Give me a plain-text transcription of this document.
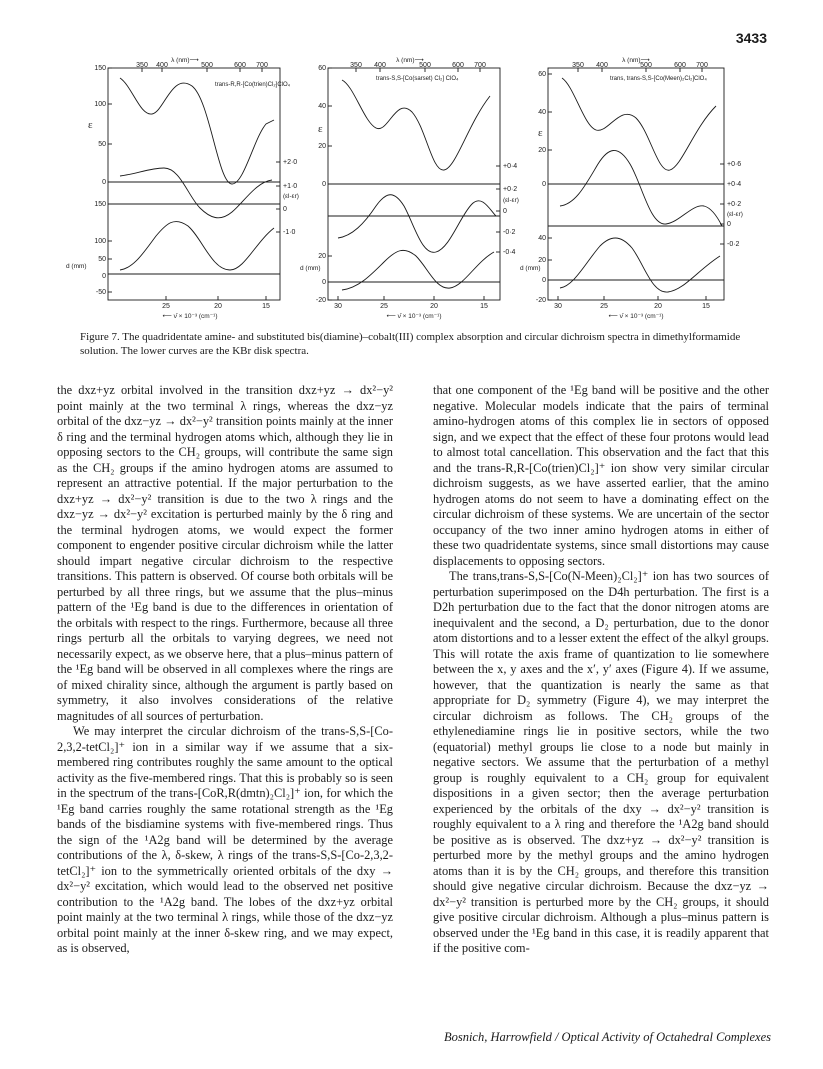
3433
λ (nm)⟶
350 400	500	600 700
trans-R,R-[Co(trien)Cl₂]ClO₄
150
100
50
0
150
100
50
0
-50
ε
d (mm)
+2·0
+1·0
0
-1·0
(εl-εr)
25	20	15
⟵ ν̄ × 10⁻³ (cm⁻¹)
λ (nm)⟶
350 400	500	600 700
trans-S,S-[Co(sarset) Cl₂] ClO₄
60
40
20
0
20
0
-20
ε
d (mm)
+0·4
+0·2
0
-0·2
-0·4
(εl-εr)
30	25	20	15
⟵ ν̄ × 10⁻³ (cm⁻¹)
λ (nm)⟶
350 400	500	600 700
trans, trans-S,S-[Co(Meen)₂Cl₂]ClO₄
60
40
20
0
40
20
0
-20
ε
d (mm)
+0·6
+0·4
+0·2
0
-0·2
(εl-εr)
30	25	20	15
⟵ ν̄ × 10⁻³ (cm⁻¹)
Figure 7. The quadridentate amine- and substituted bis(diamine)–cobalt(III) complex absorption and circular dichroism spectra in dimethylformamide solution. The lower curves are the KBr disk spectra.

the dxz+yz orbital involved in the transition dxz+yz → dx²−y² point mainly at the two terminal λ rings, whereas the dxz−yz orbital of the dxz−yz → dx²−y² transition points mainly at the inner δ ring and the terminal hydrogen atoms which, although they lie in opposing sectors to the CH₂ groups, will contribute the same sign as the CH₂ groups if the amino hydrogen atoms are assumed to represent an attractive potential. If the major perturbation to the dxz+yz → dx²−y² transition is due to the two λ rings and the dxz−yz → dx²−y² excitation is perturbed mainly by the δ ring and the terminal hydrogen atoms, we would expect the former component to engender positive circular dichroism while the latter should impart negative circular dichroism to the respective transitions. This pattern is observed. Of course both orbitals will be perturbed by all three rings, but we assume that the plus–minus pattern of the ¹Eg band is due to the differences in orientation of the orbitals with respect to the rings. Furthermore, because all three rings perturb all the orbitals to varying degrees, we need not necessarily expect, as we observe here, that a plus–minus pattern of the ¹Eg band will be observed in all complexes where the rings are of mixed chirality since, although the argument is partly based on symmetry, it also involves considerations of the relative magnitudes of all sources of perturbation.

We may interpret the circular dichroism of the trans-S,S-[Co-2,3,2-tetCl₂]⁺ ion in a similar way if we assume that a six-membered ring contributes roughly the same amount to the optical activity as the five-membered rings. That this is probably so is seen in the spectrum of the trans-[CoR,R(dmtn)₂Cl₂]⁺ ion, for which the ¹Eg band carries roughly the same rotational strength as the ¹Eg bands of the bisdiamine systems with five-membered rings. Thus the sign of the ¹A2g band will be determined by the average contributions of the λ, δ-skew, λ rings of the trans-S,S-[Co-2,3,2-tetCl₂]⁺ ion to the symmetrically oriented orbitals of the dxy → dx²−y² excitation, which would lead to the observed net positive contribution to the ¹A2g band. The lobes of the dxz+yz orbital point mainly at the two terminal λ rings, while those of the dxz−yz orbital point mainly at the inner δ-skew ring, and we may expect, as is observed,

that one component of the ¹Eg band will be positive and the other negative. Molecular models indicate that the pairs of terminal amino-hydrogen atoms of this complex lie in sectors of opposed sign, and we expect that the effect of these four protons would lead to almost total cancellation. This observation and the fact that this and the trans-R,R-[Co(trien)Cl₂]⁺ ion show very similar circular dichroism suggests, as we have asserted earlier, that the amino hydrogen atoms do not seem to have a dominating effect on the circular dichroism of these systems. We are uncertain of the sector occupancy of the two inner amino hydrogen atoms in either of these two quadridentate systems, since small distortions may cause displacements to opposing sectors.

The trans,trans-S,S-[Co(N-Meen)₂Cl₂]⁺ ion has two sources of perturbation superimposed on the D4h perturbation. The first is a D2h perturbation due to the fact that the donor nitrogen atoms are inequivalent and the second, a D₂ perturbation, due to the donor atom distortions and to a lesser extent the effect of the alkyl groups. This will rotate the axis frame of quantization to lie somewhere between the x, y axes and the x′, y′ axes (Figure 4). If we assume, however, that the quantization is nearly the same as that appropriate for D₂ symmetry (Figure 4), we may interpret the circular dichroism as follows. The CH₂ groups of the ethylenediamine rings lie in positive sectors, while the two (equatorial) methyl groups lie close to a node but mainly in negative sectors. We assume that the perturbation of a methyl group is roughly equivalent to a CH₂ group for equivalent dispositions in a given sector; then the average perturbation experienced by the orbitals of the dxy → dx²−y² transition is roughly equivalent to a λ ring and therefore the ¹A2g band should be positive as is observed. The dxz+yz → dx²−y² transition is perturbed more by the methyl groups and the amino hydrogen atoms than it is by the CH₂ groups, and therefore this transition should give negative circular dichroism. Because the dxz−yz → dx²−y² transition is perturbed more by the CH₂ groups, it should give positive circular dichroism. Although a plus–minus pattern is observed under the ¹Eg band in this case, it is readily apparent that if the positive com-

Bosnich, Harrowfield / Optical Activity of Octahedral Complexes
